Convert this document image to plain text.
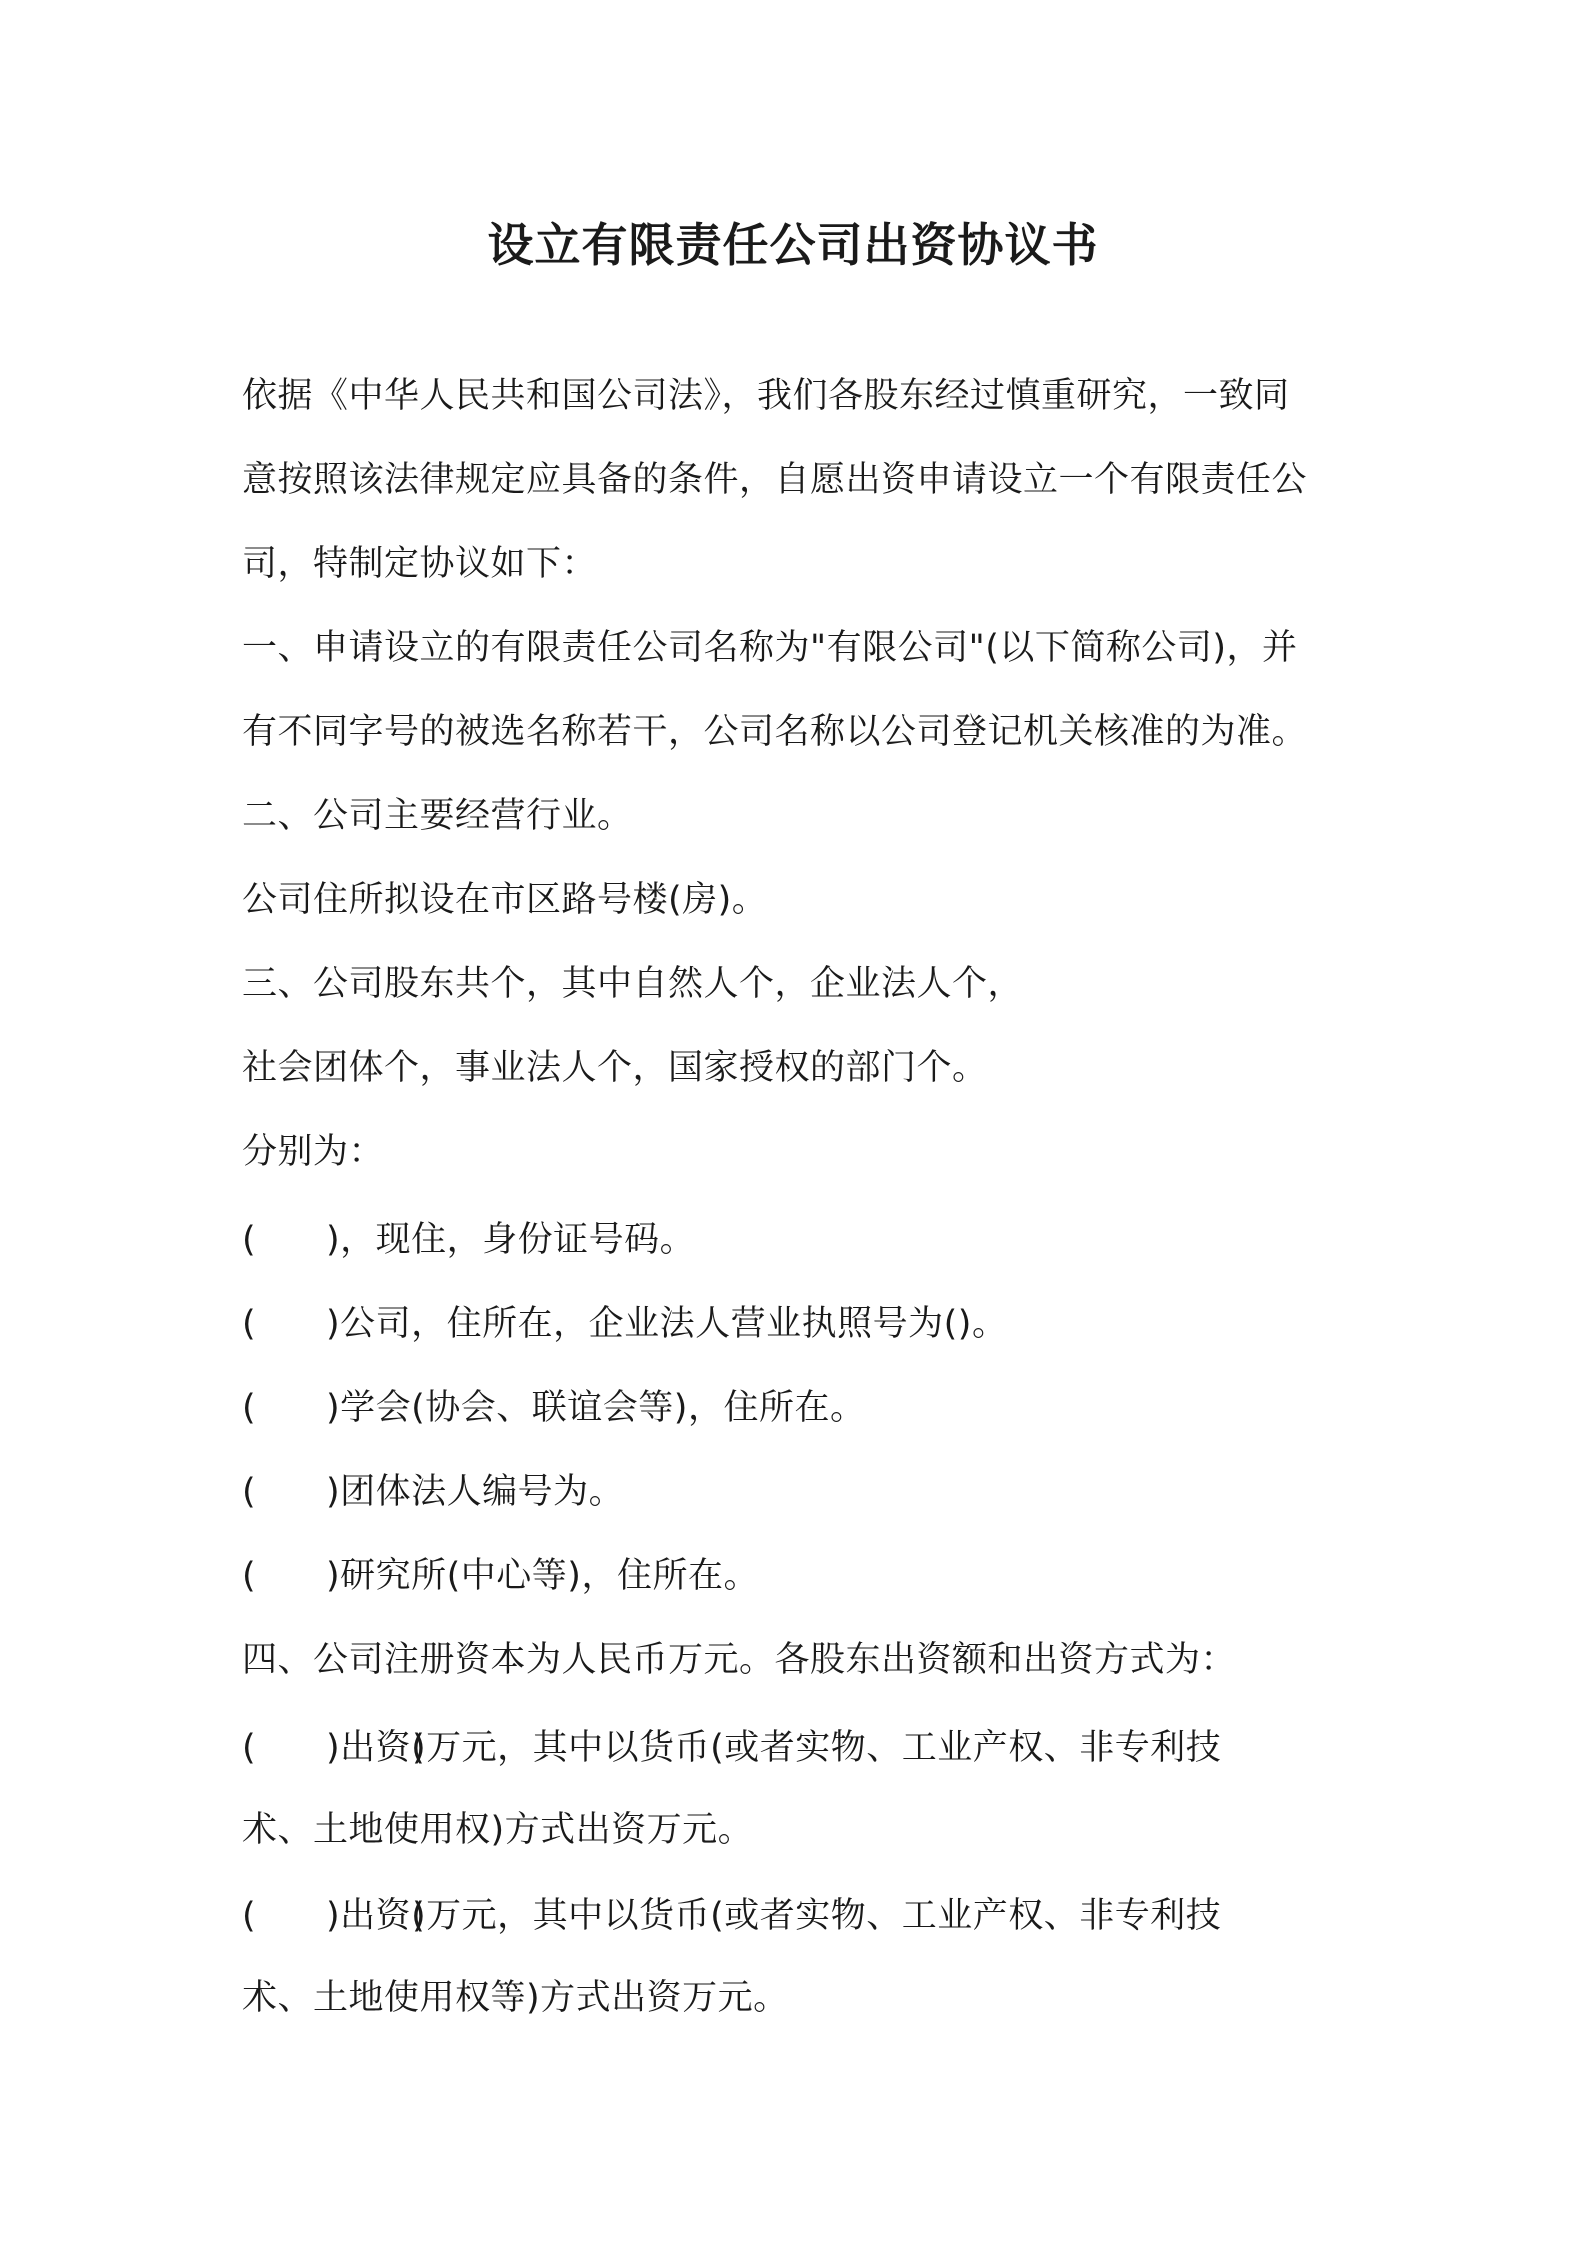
设立有限责任公司出资协议书

依据《中华人民共和国公司法》，我们各股东经过慎重研究，一致同

意按照该法律规定应具备的条件，自愿出资申请设立一个有限责任公

司，特制定协议如下：

一、申请设立的有限责任公司名称为"有限公司"(以下简称公司)，并

有不同字号的被选名称若干，公司名称以公司登记机关核准的为准。

二、公司主要经营行业。

公司住所拟设在市区路号楼(房)。

三、公司股东共个，其中自然人个，企业法人个，

社会团体个，事业法人个，国家授权的部门个。

分别为：

( )，现住，身份证号码。

( )公司，住所在，企业法人营业执照号为()。

( )学会(协会、联谊会等)，住所在。

( )团体法人编号为。

( )研究所(中心等)，住所在。

四、公司注册资本为人民币万元。各股东出资额和出资方式为：

( )出资()万元，其中以货币(或者实物、工业产权、非专利技

术、土地使用权)方式出资万元。

( )出资()万元，其中以货币(或者实物、工业产权、非专利技

术、土地使用权等)方式出资万元。
